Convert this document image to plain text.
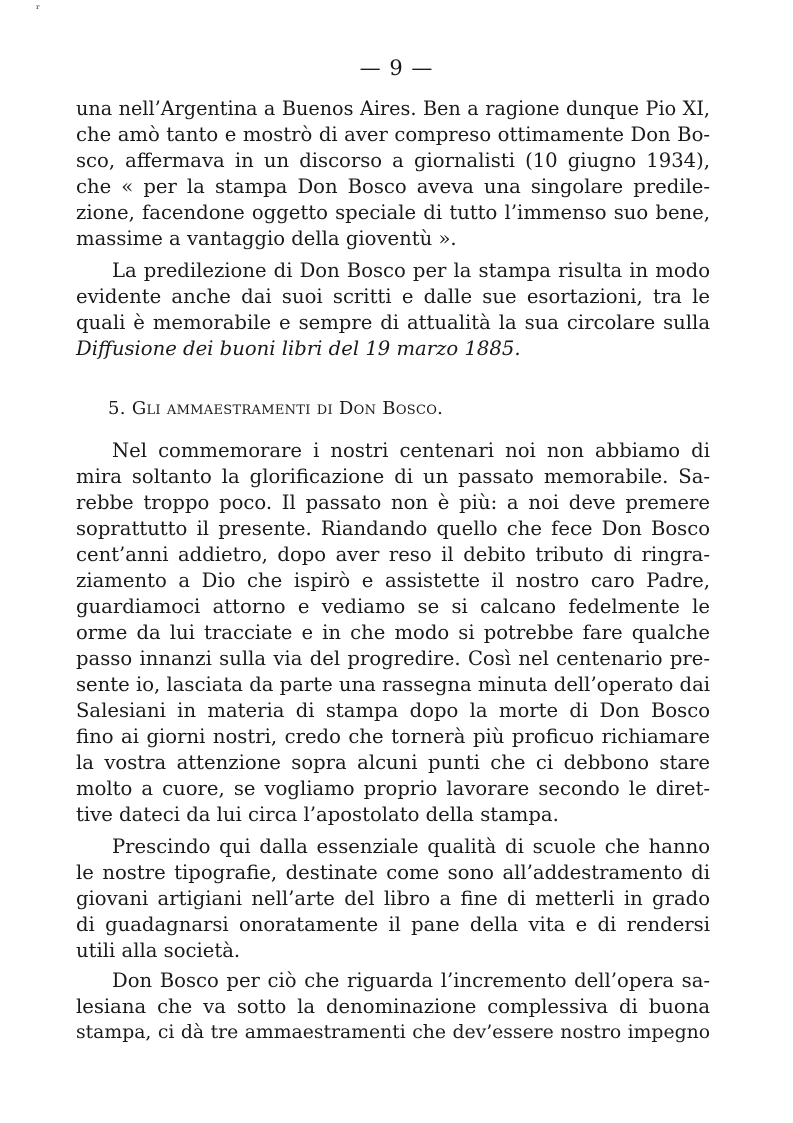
ᵣ
— 9 —
una nell’Argentina a Buenos Aires. Ben a ragione dunque Pio XI,
che amò tanto e mostrò di aver compreso ottimamente Don Bo-
sco, affermava in un discorso a giornalisti (10 giugno 1934),
che « per la stampa Don Bosco aveva una singolare predile-
zione, facendone oggetto speciale di tutto l’immenso suo bene,
massime a vantaggio della gioventù ».
La predilezione di Don Bosco per la stampa risulta in modo
evidente anche dai suoi scritti e dalle sue esortazioni, tra le
quali è memorabile e sempre di attualità la sua circolare sulla
Diffusione dei buoni libri del 19 marzo 1885.
5. Gli ammaestramenti di Don Bosco.
Nel commemorare i nostri centenari noi non abbiamo di
mira soltanto la glorificazione di un passato memorabile. Sa-
rebbe troppo poco. Il passato non è più: a noi deve premere
soprattutto il presente. Riandando quello che fece Don Bosco
cent’anni addietro, dopo aver reso il debito tributo di ringra-
ziamento a Dio che ispirò e assistette il nostro caro Padre,
guardiamoci attorno e vediamo se si calcano fedelmente le
orme da lui tracciate e in che modo si potrebbe fare qualche
passo innanzi sulla via del progredire. Così nel centenario pre-
sente io, lasciata da parte una rassegna minuta dell’operato dai
Salesiani in materia di stampa dopo la morte di Don Bosco
fino ai giorni nostri, credo che tornerà più proficuo richiamare
la vostra attenzione sopra alcuni punti che ci debbono stare
molto a cuore, se vogliamo proprio lavorare secondo le diret-
tive dateci da lui circa l’apostolato della stampa.
Prescindo qui dalla essenziale qualità di scuole che hanno
le nostre tipografie, destinate come sono all’addestramento di
giovani artigiani nell’arte del libro a fine di metterli in grado
di guadagnarsi onoratamente il pane della vita e di rendersi
utili alla società.
Don Bosco per ciò che riguarda l’incremento dell’opera sa-
lesiana che va sotto la denominazione complessiva di buona
stampa, ci dà tre ammaestramenti che dev’essere nostro impegno
